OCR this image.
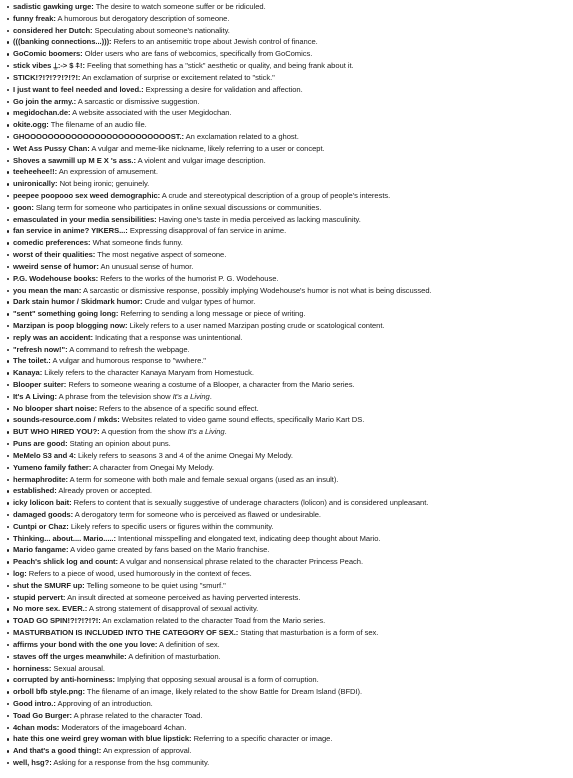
sadistic gawking urge: The desire to watch someone suffer or be ridiculed.
funny freak: A humorous but derogatory description of someone.
considered her Dutch: Speculating about someone's nationality.
(((banking connections...))): Refers to an antisemitic trope about Jewish control of finance.
GoComic boomers: Older users who are fans of webcomics, specifically from GoComics.
stick vibes ⍊:-> $ ⍏!: Feeling that something has a "stick" aesthetic or quality, and being frank about it.
STICK!?!?!??!?!?!: An exclamation of surprise or excitement related to "stick."
I just want to feel needed and loved.: Expressing a desire for validation and affection.
Go join the army.: A sarcastic or dismissive suggestion.
megidochan.de: A website associated with the user Megidochan.
okite.ogg: The filename of an audio file.
GHOOOOOOOOOOOOOOOOOOOOOOOOOST.: An exclamation related to a ghost.
Wet Ass Pussy Chan: A vulgar and meme-like nickname, likely referring to a user or concept.
Shoves a sawmill up M E X 's ass.: A violent and vulgar image description.
teeheehee!!: An expression of amusement.
unironically: Not being ironic; genuinely.
peepee poopooo sex weed demographic: A crude and stereotypical description of a group of people's interests.
goon: Slang term for someone who participates in online sexual discussions or communities.
emasculated in your media sensibilities: Having one's taste in media perceived as lacking masculinity.
fan service in anime? YIKERS...: Expressing disapproval of fan service in anime.
comedic preferences: What someone finds funny.
worst of their qualities: The most negative aspect of someone.
wweird sense of humor: An unusual sense of humor.
P.G. Wodehouse books: Refers to the works of the humorist P. G. Wodehouse.
you mean the man: A sarcastic or dismissive response, possibly implying Wodehouse's humor is not what is being discussed.
Dark stain humor / Skidmark humor: Crude and vulgar types of humor.
"sent" something going long: Referring to sending a long message or piece of writing.
Marzipan is poop blogging now: Likely refers to a user named Marzipan posting crude or scatological content.
reply was an accident: Indicating that a response was unintentional.
"refresh now!": A command to refresh the webpage.
The toilet.: A vulgar and humorous response to "wwhere."
Kanaya: Likely refers to the character Kanaya Maryam from Homestuck.
Blooper suiter: Refers to someone wearing a costume of a Blooper, a character from the Mario series.
It's A Living: A phrase from the television show It's a Living.
No blooper shart noise: Refers to the absence of a specific sound effect.
sounds-resource.com / mkds: Websites related to video game sound effects, specifically Mario Kart DS.
BUT WHO HIRED YOU?: A question from the show It's a Living.
Puns are good: Stating an opinion about puns.
MeMelo S3 and 4: Likely refers to seasons 3 and 4 of the anime Onegai My Melody.
Yumeno family father: A character from Onegai My Melody.
hermaphrodite: A term for someone with both male and female sexual organs (used as an insult).
established: Already proven or accepted.
icky lolicon bait: Refers to content that is sexually suggestive of underage characters (lolicon) and is considered unpleasant.
damaged goods: A derogatory term for someone who is perceived as flawed or undesirable.
Cuntpi or Chaz: Likely refers to specific users or figures within the community.
Thinking... about.... Mario.....: Intentional misspelling and elongated text, indicating deep thought about Mario.
Mario fangame: A video game created by fans based on the Mario franchise.
Peach's shlick log and count: A vulgar and nonsensical phrase related to the character Princess Peach.
log: Refers to a piece of wood, used humorously in the context of feces.
shut the SMURF up: Telling someone to be quiet using "smurf."
stupid pervert: An insult directed at someone perceived as having perverted interests.
No more sex. EVER.: A strong statement of disapproval of sexual activity.
TOAD GO SPIN!?!?!?!?!: An exclamation related to the character Toad from the Mario series.
MASTURBATION IS INCLUDED INTO THE CATEGORY OF SEX.: Stating that masturbation is a form of sex.
affirms your bond with the one you love: A definition of sex.
staves off the urges meanwhile: A definition of masturbation.
horniness: Sexual arousal.
corrupted by anti-horniness: Implying that opposing sexual arousal is a form of corruption.
orboll bfb style.png: The filename of an image, likely related to the show Battle for Dream Island (BFDI).
Good intro.: Approving of an introduction.
Toad Go Burger: A phrase related to the character Toad.
4chan mods: Moderators of the imageboard 4chan.
hate this one weird grey woman with blue lipstick: Referring to a specific character or image.
And that's a good thing!: An expression of approval.
well, hsg?: Asking for a response from the hsg community.
